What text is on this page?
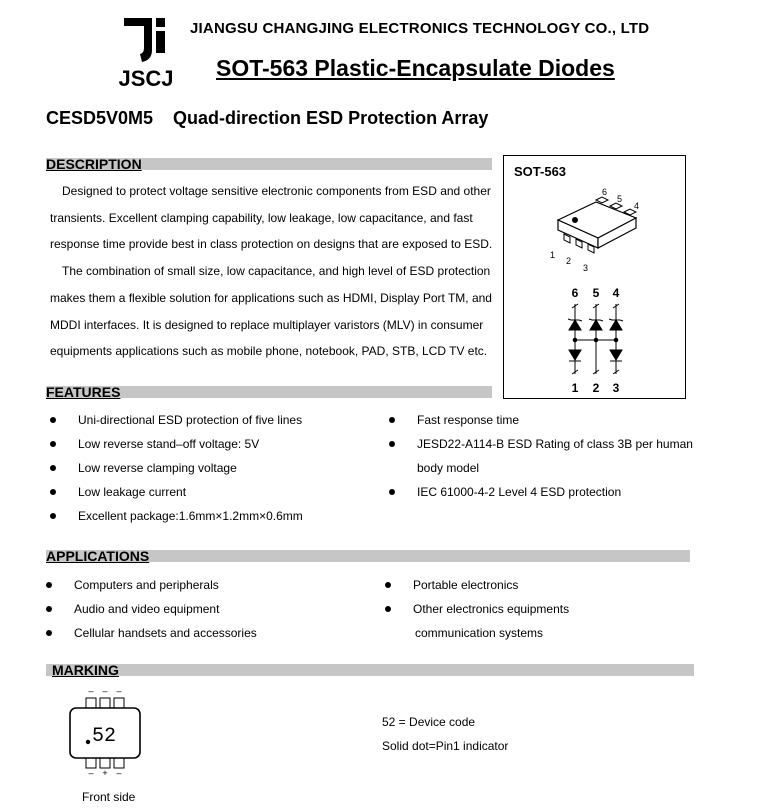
JSCJ
JIANGSU CHANGJING ELECTRONICS TECHNOLOGY CO., LTD
SOT-563 Plastic-Encapsulate Diodes
CESD5V0M5 Quad-direction ESD Protection Array
DESCRIPTION
Designed to protect voltage sensitive electronic components from ESD and other
transients. Excellent clamping capability, low leakage, low capacitance, and fast
response time provide best in class protection on designs that are exposed to ESD.
The combination of small size, low capacitance, and high level of ESD protection
makes them a flexible solution for applications such as HDMI, Display Port TM, and
MDDI interfaces. It is designed to replace multiplayer varistors (MLV) in consumer
equipments applications such as mobile phone, notebook, PAD, STB, LCD TV etc.
SOT-563
6
5
4
1
2
3
6 5 4
1 2 3
FEATURES
Uni-directional ESD protection of five lines
Low reverse stand–off voltage: 5V
Low reverse clamping voltage
Low leakage current
Excellent package:1.6mm×1.2mm×0.6mm
Fast response time
JESD22-A114-B ESD Rating of class 3B per human
body model
IEC 61000-4-2 Level 4 ESD protection
APPLICATIONS
Computers and peripherals
Audio and video equipment
Cellular handsets and accessories
Portable electronics
Other electronics equipments
communication systems
MARKING
– – –
– + –
52
52 = Device code
Solid dot=Pin1 indicator
Front side
